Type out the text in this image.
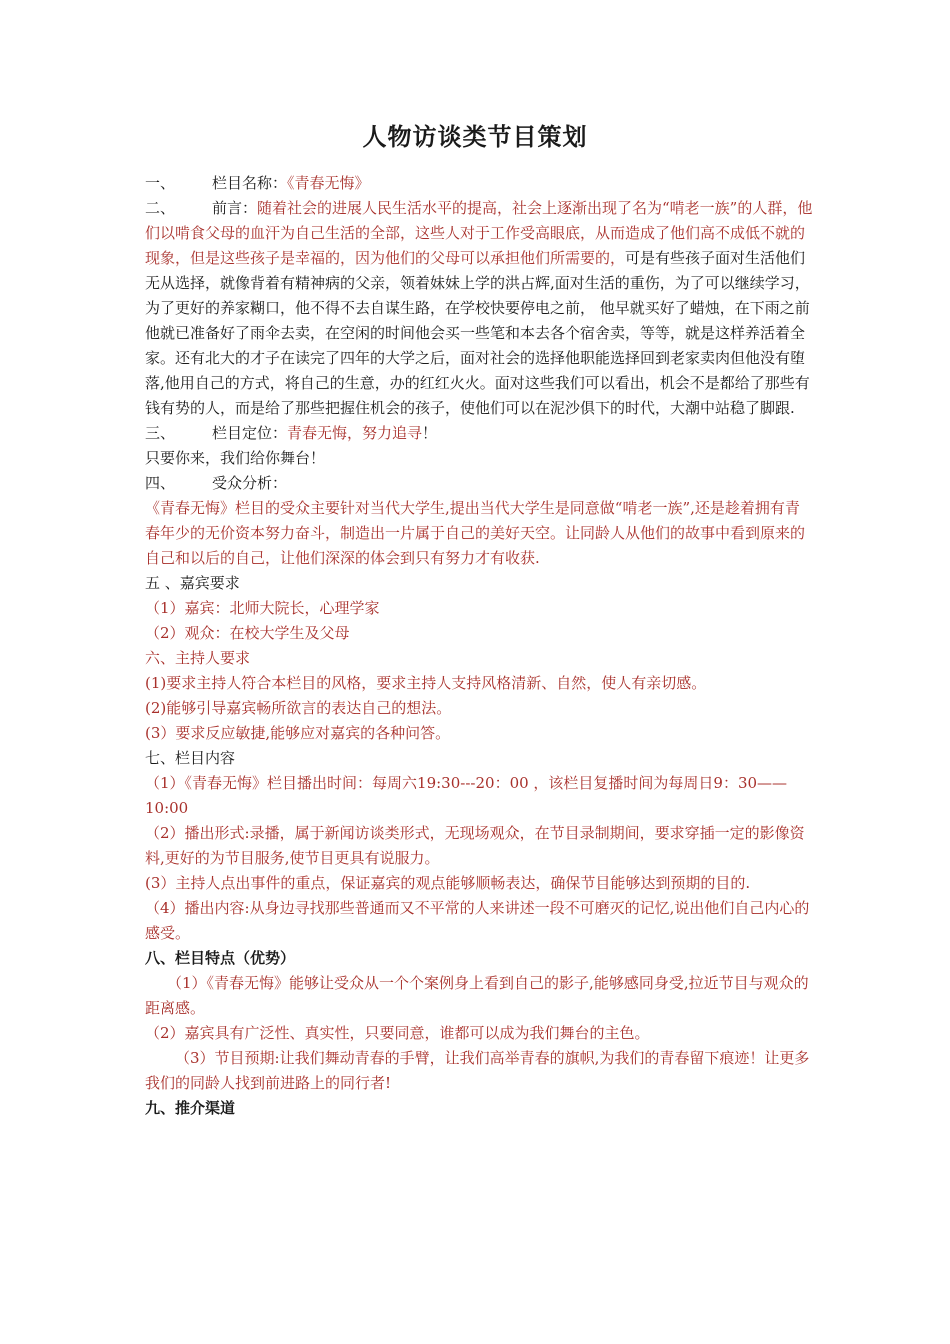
人物访谈类节目策划

一、 栏目名称：《青春无悔》

二、 前言：随着社会的进展人民生活水平的提高，社会上逐渐出现了名为“啃老一族”的人群，他们以啃食父母的血汗为自己生活的全部，这些人对于工作受高眼底，从而造成了他们高不成低不就的现象，但是这些孩子是幸福的，因为他们的父母可以承担他们所需要的，可是有些孩子面对生活他们无从选择，就像背着有精神病的父亲，领着妹妹上学的洪占辉,面对生活的重伤，为了可以继续学习，为了更好的养家糊口，他不得不去自谋生路，在学校快要停电之前， 他早就买好了蜡烛，在下雨之前他就已准备好了雨伞去卖，在空闲的时间他会买一些笔和本去各个宿舍卖，等等，就是这样养活着全家。还有北大的才子在读完了四年的大学之后，面对社会的选择他职能选择回到老家卖肉但他没有堕落,他用自己的方式，将自己的生意，办的红红火火。面对这些我们可以看出，机会不是都给了那些有钱有势的人，而是给了那些把握住机会的孩子，使他们可以在泥沙俱下的时代，大潮中站稳了脚跟.

三、 栏目定位：青春无悔，努力追寻！

只要你来，我们给你舞台！

四、 受众分析：

《青春无悔》栏目的受众主要针对当代大学生,提出当代大学生是同意做“啃老一族”,还是趁着拥有青春年少的无价资本努力奋斗，制造出一片属于自己的美好天空。让同龄人从他们的故事中看到原来的自己和以后的自己，让他们深深的体会到只有努力才有收获.

五 、嘉宾要求

（1）嘉宾：北师大院长，心理学家

（2）观众：在校大学生及父母

六、主持人要求

(1)要求主持人符合本栏目的风格，要求主持人支持风格清新、自然，使人有亲切感。

(2)能够引导嘉宾畅所欲言的表达自己的想法。

(3）要求反应敏捷,能够应对嘉宾的各种问答。

七、栏目内容

（1）《青春无悔》栏目播出时间：每周六19:30---20：00 ，该栏目复播时间为每周日9：30——10:00

（2）播出形式:录播，属于新闻访谈类形式，无现场观众，在节目录制期间，要求穿插一定的影像资料,更好的为节目服务,使节目更具有说服力。

(3）主持人点出事件的重点，保证嘉宾的观点能够顺畅表达，确保节目能够达到预期的目的.

（4）播出内容:从身边寻找那些普通而又不平常的人来讲述一段不可磨灭的记忆,说出他们自己内心的感受。

八、栏目特点（优势）

（1）《青春无悔》能够让受众从一个个案例身上看到自己的影子,能够感同身受,拉近节目与观众的距离感。

（2）嘉宾具有广泛性、真实性，只要同意，谁都可以成为我们舞台的主色。

（3）节目预期:让我们舞动青春的手臂，让我们高举青春的旗帜,为我们的青春留下痕迹！让更多我们的同龄人找到前进路上的同行者!

九、推介渠道
